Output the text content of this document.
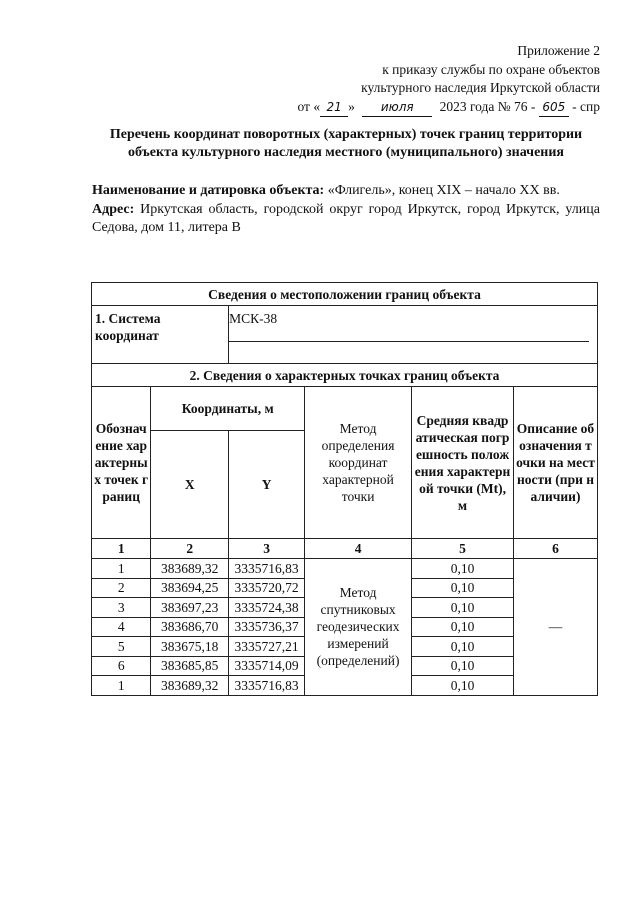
Приложение 2
к приказу службы по охране объектов
культурного наследия Иркутской области
от « 21 » июля 2023 года № 76 - 605 - спр
Перечень координат поворотных (характерных) точек границ территории объекта культурного наследия местного (муниципального) значения
Наименование и датировка объекта: «Флигель», конец XIX – начало XX вв.
Адрес: Иркутская область, городской округ город Иркутск, город Иркутск, улица Седова, дом 11, литера В
Сведения о местоположении границ объекта					
1. Система координат		МСК-38			

2. Сведения о характерных точках границ объекта					
Обозначение характерных точек границ	Координаты, м		Метод определения координат характерной точки	Средняя квадратическая погрешность положения характерной точки (Mt), м	Описание обозначения точки на местности (при наличии)
	X	Y			
1	2	3	4	5	6
1	383689,32	3335716,83	Метод спутниковых геодезических измерений (определений)	0,10	—
2	383694,25	3335720,72		0,10	
3	383697,23	3335724,38		0,10	
4	383686,70	3335736,37		0,10	
5	383675,18	3335727,21		0,10	
6	383685,85	3335714,09		0,10	
1	383689,32	3335716,83		0,10	
